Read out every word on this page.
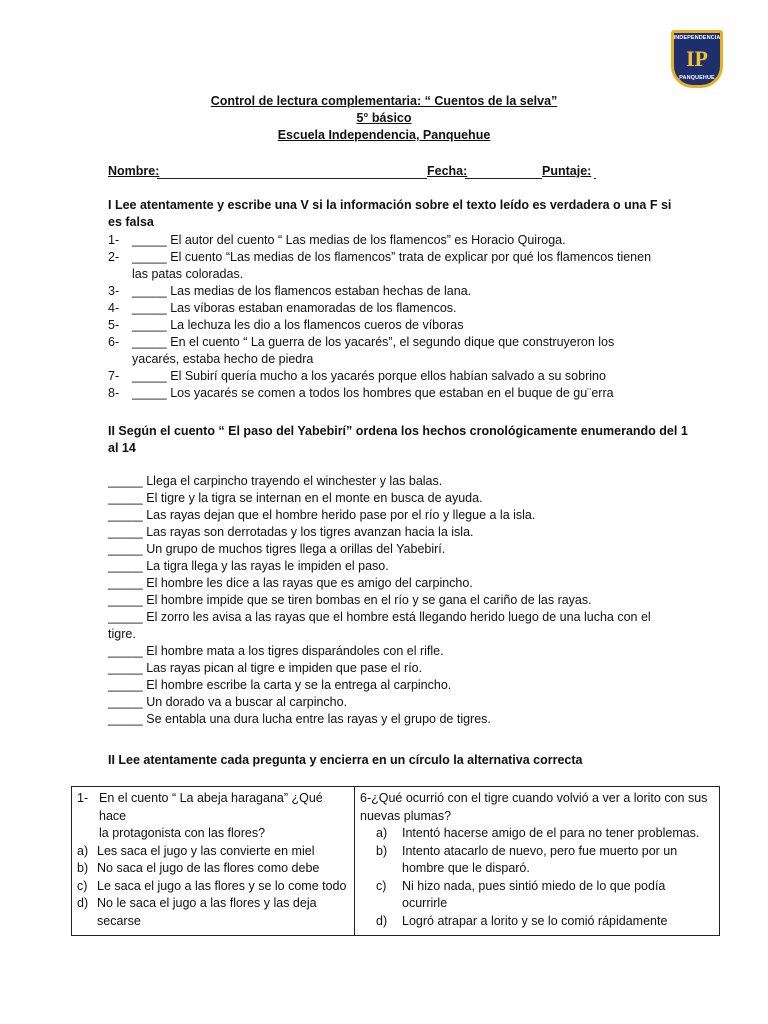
INDEPENDENCIA
IP
PANQUEHUE
Control de lectura complementaria: “ Cuentos de la selva”
5° básico
Escuela Independencia, Panquehue
Nombre:	Fecha:	Puntaje:
I Lee atentamente y escribe una V si la información sobre el texto leído es verdadera o una F si
es falsa
1- _____ El autor del cuento “ Las medias de los flamencos” es Horacio Quiroga.
2- _____ El cuento “Las medias de los flamencos” trata de explicar por qué los flamencos tienen
las patas coloradas.
3- _____ Las medias de los flamencos estaban hechas de lana.
4- _____ Las víboras estaban enamoradas de los flamencos.
5- _____ La lechuza les dio a los flamencos cueros de víboras
6- _____ En el cuento “ La guerra de los yacarés”, el segundo dique que construyeron los
yacarés, estaba hecho de piedra
7- _____ El Subirí quería mucho a los yacarés porque ellos habían salvado a su sobrino
8- _____ Los yacarés se comen a todos los hombres que estaban en el buque de gu¨erra
II Según el cuento “ El paso del Yabebirí” ordena los hechos cronológicamente enumerando del 1
al 14
_____ Llega el carpincho trayendo el winchester y las balas.
_____ El tigre y la tigra se internan en el monte en busca de ayuda.
_____ Las rayas dejan que el hombre herido pase por el río y llegue a la isla.
_____ Las rayas son derrotadas y los tigres avanzan hacia la isla.
_____ Un grupo de muchos tigres llega a orillas del Yabebirí.
_____ La tigra llega y las rayas le impiden el paso.
_____ El hombre les dice a las rayas que es amigo del carpincho.
_____ El hombre impide que se tiren bombas en el río y se gana el cariño de las rayas.
_____ El zorro les avisa a las rayas que el hombre está llegando herido luego de una lucha con el
tigre.
_____ El hombre mata a los tigres disparándoles con el rifle.
_____ Las rayas pican al tigre e impiden que pase el río.
_____ El hombre escribe la carta y se la entrega al carpincho.
_____ Un dorado va a buscar al carpincho.
_____ Se entabla una dura lucha entre las rayas y el grupo de tigres.
II Lee atentamente cada pregunta y encierra en un círculo la alternativa correcta
1- En el cuento “ La abeja haragana” ¿Qué hace
la protagonista con las flores?
a) Les saca el jugo y las convierte en miel
b) No saca el jugo de las flores como debe
c) Le saca el jugo a las flores y se lo come todo
d) No le saca el jugo a las flores y las deja
secarse

6-¿Qué ocurrió con el tigre cuando volvió a ver a lorito con sus
nuevas plumas?
a)	Intentó hacerse amigo de el para no tener problemas.
b)	Intento atacarlo de nuevo, pero fue muerto por un
hombre que le disparó.
c)	Ni hizo nada, pues sintió miedo de lo que podía
ocurrirle
d)	Logró atrapar a lorito y se lo comió rápidamente
